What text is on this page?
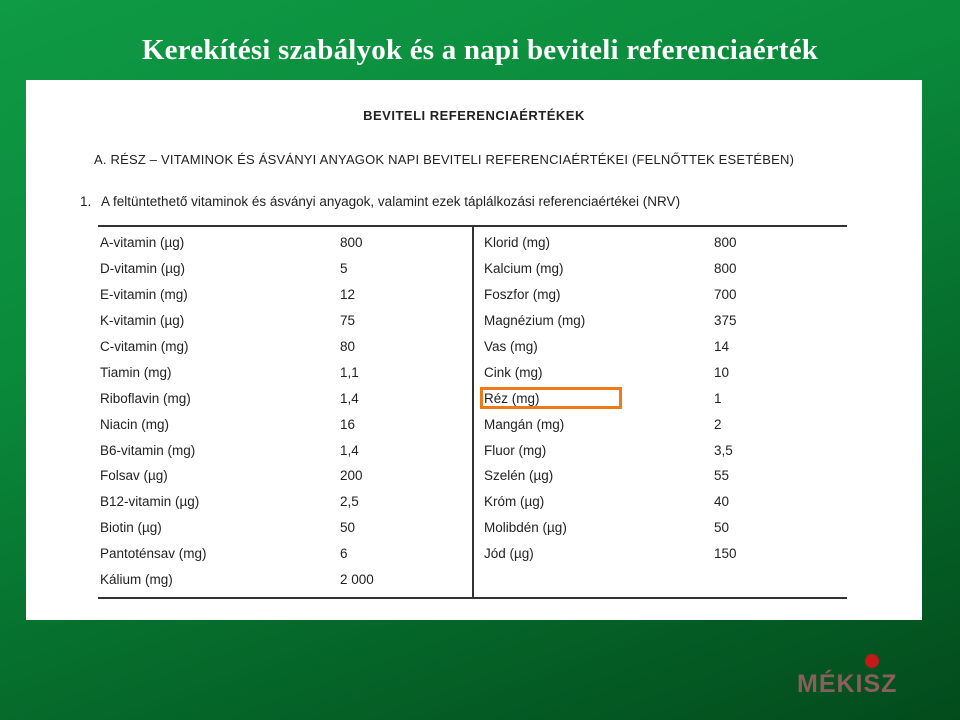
Kerekítési szabályok és a napi beviteli referenciaérték
BEVITELI REFERENCIAÉRTÉKEK
A. RÉSZ – VITAMINOK ÉS ÁSVÁNYI ANYAGOK NAPI BEVITELI REFERENCIAÉRTÉKEI (FELNŐTTEK ESETÉBEN)
1. A feltüntethető vitaminok és ásványi anyagok, valamint ezek táplálkozási referenciaértékei (NRV)
A-vitamin (µg)	800
D-vitamin (µg)	5
E-vitamin (mg)	12
K-vitamin (µg)	75
C-vitamin (mg)	80
Tiamin (mg)	1,1
Riboflavin (mg)	1,4
Niacin (mg)	16
B6-vitamin (mg)	1,4
Folsav (µg)	200
B12-vitamin (µg)	2,5
Biotin (µg)	50
Pantoténsav (mg)	6
Kálium (mg)	2 000
Klorid (mg)	800
Kalcium (mg)	800
Foszfor (mg)	700
Magnézium (mg)	375
Vas (mg)	14
Cink (mg)	10
Réz (mg)	1
Mangán (mg)	2
Fluor (mg)	3,5
Szelén (µg)	55
Króm (µg)	40
Molibdén (µg)	50
Jód (µg)	150
MÉKISZ
